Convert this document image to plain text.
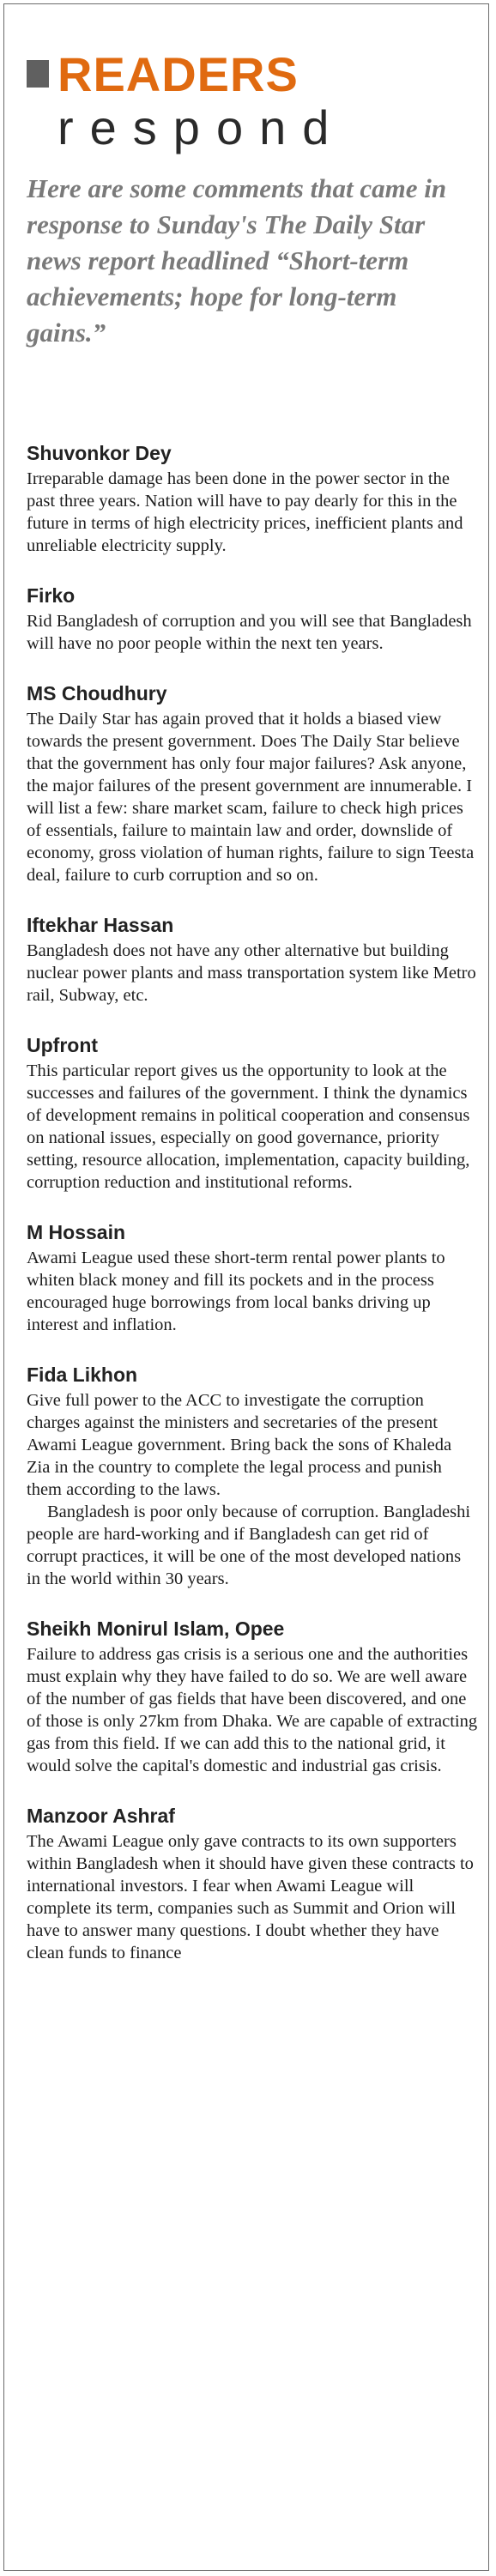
READERS
respond
Here are some comments that came in response to Sunday's The Daily Star news report headlined “Short-term achievements; hope for long-term gains.”
Shuvonkor Dey

Irreparable damage has been done in the power sector in the past three years. Nation will have to pay dearly for this in the future in terms of high electricity prices, inefficient plants and unreliable electricity supply.

Firko

Rid Bangladesh of corruption and you will see that Bangladesh will have no poor people within the next ten years.

MS Choudhury

The Daily Star has again proved that it holds a biased view towards the present government. Does The Daily Star believe that the government has only four major failures? Ask anyone, the major failures of the present government are innumerable. I will list a few: share market scam, failure to check high prices of essentials, failure to maintain law and order, downslide of economy, gross violation of human rights, failure to sign Teesta deal, failure to curb corruption and so on.

Iftekhar Hassan

Bangladesh does not have any other alternative but building nuclear power plants and mass transportation system like Metro rail, Subway, etc.

Upfront

This particular report gives us the opportunity to look at the successes and failures of the government. I think the dynamics of development remains in political cooperation and consensus on national issues, especially on good governance, priority setting, resource allocation, implementation, capacity building, corruption reduction and institutional reforms.

M Hossain

Awami League used these short-term rental power plants to whiten black money and fill its pockets and in the process encouraged huge borrowings from local banks driving up interest and inflation.

Fida Likhon

Give full power to the ACC to investigate the corruption charges against the ministers and secretaries of the present Awami League government. Bring back the sons of Khaleda Zia in the country to complete the legal process and punish them according to the laws.

Bangladesh is poor only because of corruption. Bangladeshi people are hard-working and if Bangladesh can get rid of corrupt practices, it will be one of the most developed nations in the world within 30 years.

Sheikh Monirul Islam, Opee

Failure to address gas crisis is a serious one and the authorities must explain why they have failed to do so. We are well aware of the number of gas fields that have been discovered, and one of those is only 27km from Dhaka. We are capable of extracting gas from this field. If we can add this to the national grid, it would solve the capital's domestic and industrial gas crisis.

Manzoor Ashraf

The Awami League only gave contracts to its own supporters within Bangladesh when it should have given these contracts to international investors. I fear when Awami League will complete its term, companies such as Summit and Orion will have to answer many questions. I doubt whether they have clean funds to finance
